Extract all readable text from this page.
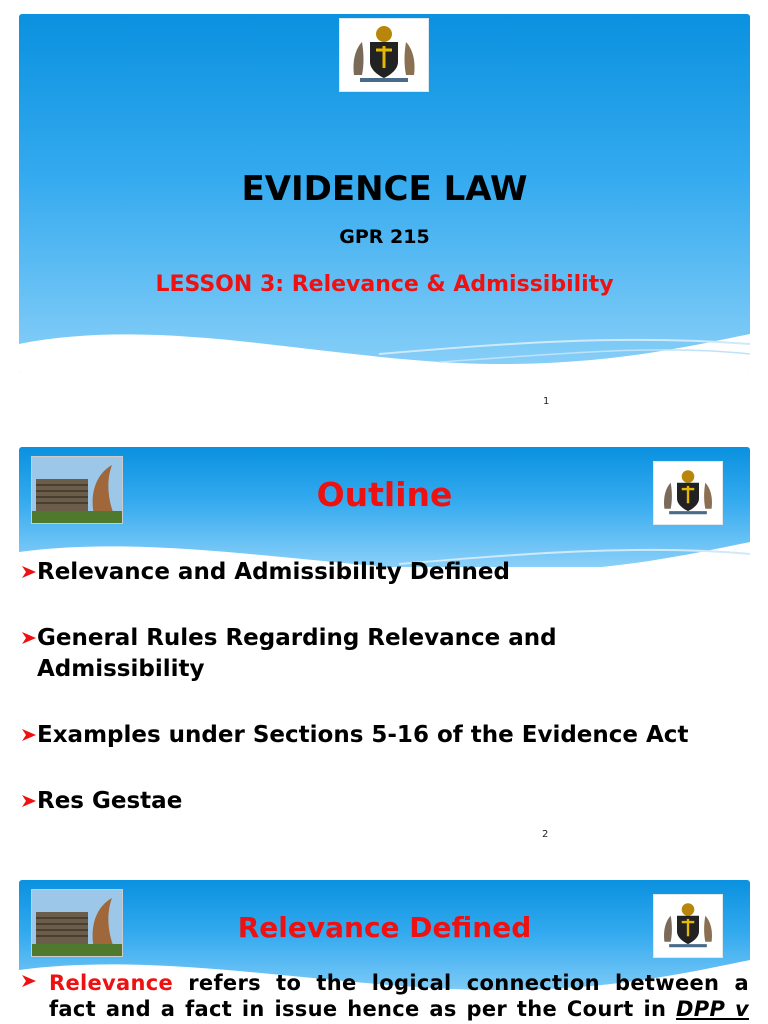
EVIDENCE LAW
GPR 215
LESSON 3: Relevance & Admissibility
1
Outline
Relevance and Admissibility Defined
General Rules Regarding Relevance and
Admissibility
Examples under Sections 5-16 of the Evidence Act
Res Gestae
2
Relevance Defined
Relevance refers to the logical connection between a fact and a fact in issue hence as per the Court in DPP v
